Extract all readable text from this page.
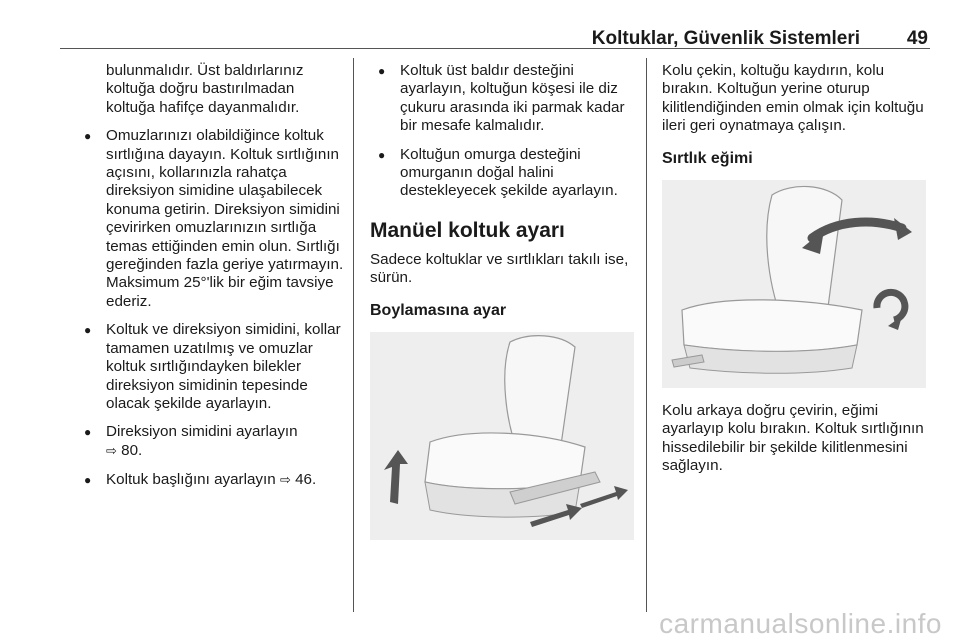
Koltuklar, Güvenlik Sistemleri 49

bulunmalıdır. Üst baldırlarınız koltuğa doğru bastırılmadan koltuğa hafifçe dayanmalıdır.

● Omuzlarınızı olabildiğince koltuk sırtlığına dayayın. Koltuk sırtlığının açısını, kollarınızla rahatça direksiyon simidine ulaşabilecek konuma getirin. Direksiyon simidini çevirirken omuzlarınızın sırtlığa temas ettiğinden emin olun. Sırtlığı gereğinden fazla geriye yatırmayın. Maksimum 25°'lik bir eğim tavsiye ederiz.
● Koltuk ve direksiyon simidini, kollar tamamen uzatılmış ve omuzlar koltuk sırtlığındayken bilekler direksiyon simidinin tepesinde olacak şekilde ayarlayın.
● Direksiyon simidini ayarlayın
⇨ 80.
● Koltuk başlığını ayarlayın ⇨ 46.
● Koltuk üst baldır desteğini ayarlayın, koltuğun köşesi ile diz çukuru arasında iki parmak kadar bir mesafe kalmalıdır.
● Koltuğun omurga desteğini omurganın doğal halini destekleyecek şekilde ayarlayın.
Manüel koltuk ayarı

Sadece koltuklar ve sırtlıkları takılı ise, sürün.

Boylamasına ayar

Kolu çekin, koltuğu kaydırın, kolu bırakın. Koltuğun yerine oturup kilitlendiğinden emin olmak için koltuğu ileri geri oynatmaya çalışın.

Sırtlık eğimi

Kolu arkaya doğru çevirin, eğimi ayarlayıp kolu bırakın. Koltuk sırtlığının hissedilebilir bir şekilde kilitlenmesini sağlayın.

carmanualsonline.info
